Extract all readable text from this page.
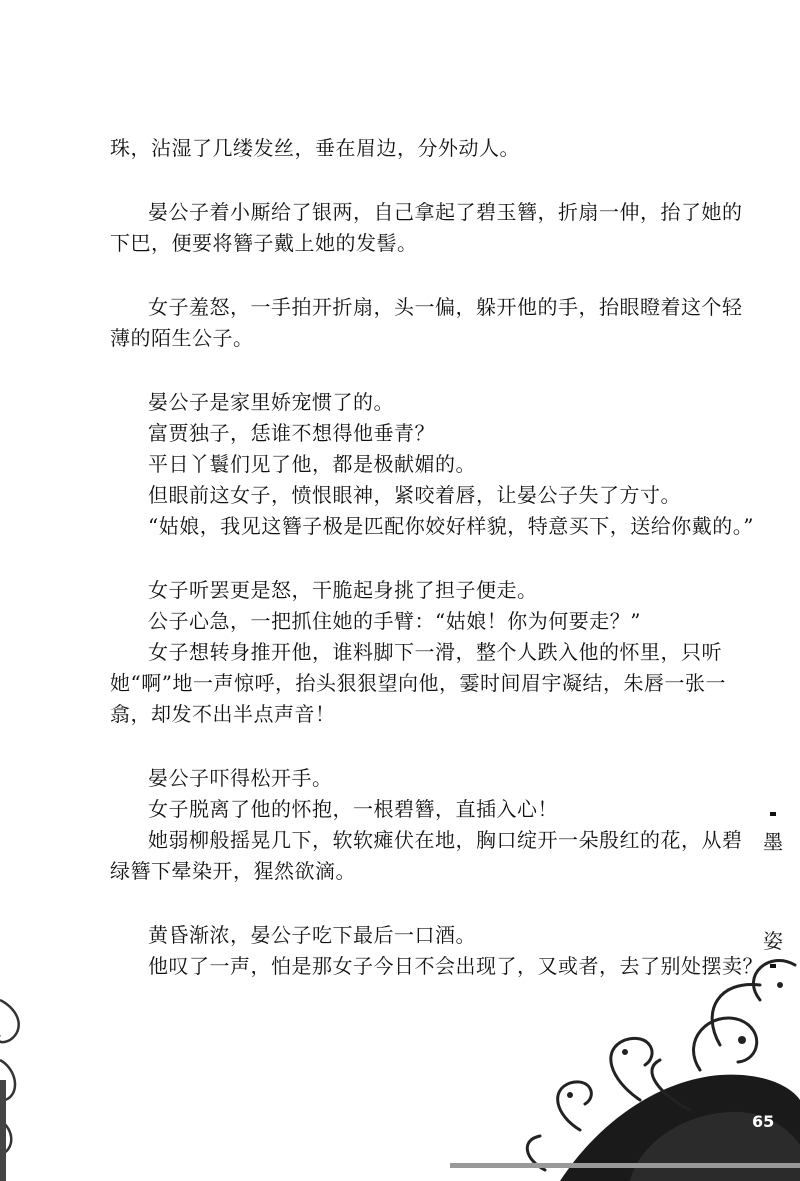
珠，沾湿了几缕发丝，垂在眉边，分外动人。
晏公子着小厮给了银两，自己拿起了碧玉簪，折扇一伸，抬了她的
下巴，便要将簪子戴上她的发髻。
女子羞怒，一手拍开折扇，头一偏，躲开他的手，抬眼瞪着这个轻
薄的陌生公子。
晏公子是家里娇宠惯了的。
富贾独子，恁谁不想得他垂青？
平日丫鬟们见了他，都是极献媚的。
但眼前这女子，愤恨眼神，紧咬着唇，让晏公子失了方寸。
“姑娘，我见这簪子极是匹配你姣好样貌，特意买下，送给你戴的。”
女子听罢更是怒，干脆起身挑了担子便走。
公子心急，一把抓住她的手臂：“姑娘！你为何要走？”
女子想转身推开他，谁料脚下一滑，整个人跌入他的怀里，只听
她“啊”地一声惊呼，抬头狠狠望向他，霎时间眉宇凝结，朱唇一张一
翕，却发不出半点声音！
晏公子吓得松开手。
女子脱离了他的怀抱，一根碧簪，直插入心！
她弱柳般摇晃几下，软软瘫伏在地，胸口绽开一朵殷红的花，从碧
绿簪下晕染开，猩然欲滴。
黄昏渐浓，晏公子吃下最后一口酒。
他叹了一声，怕是那女子今日不会出现了，又或者，去了别处摆卖？
墨
姿
65
